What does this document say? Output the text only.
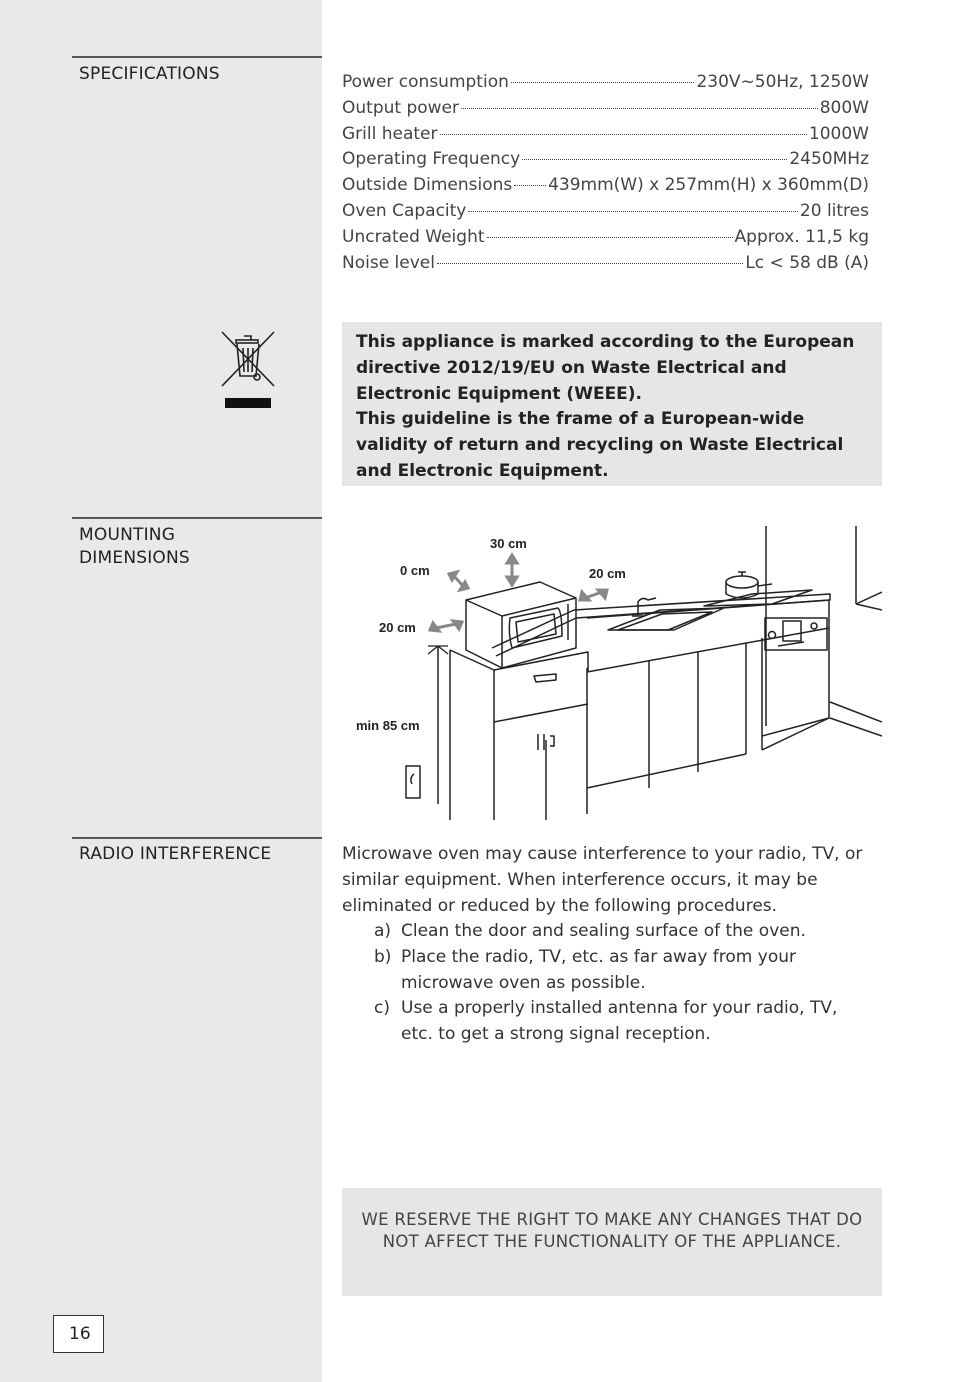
SPECIFICATIONS
MOUNTING
DIMENSIONS
RADIO INTERFERENCE
Power consumption	230V~50Hz, 1250W
Output power	800W
Grill heater	1000W
Operating Frequency	2450MHz
Outside Dimensions 439mm(W) x 257mm(H) x 360mm(D)
Oven Capacity	20 litres
Uncrated Weight	Approx. 11,5 kg
Noise level	Lc < 58 dB (A)
This appliance is marked according to the European
directive 2012/19/EU on Waste Electrical and
Electronic Equipment (WEEE).
This guideline is the frame of a European-wide
validity of return and recycling on Waste Electrical
and Electronic Equipment.
30 cm
0 cm	20 cm
20 cm
min 85 cm

Microwave oven may cause interference to your radio, TV, or similar equipment. When interference occurs, it may be eliminated or reduced by the following procedures.

a) Clean the door and sealing surface of the oven.
b) Place the radio, TV, etc. as far away from your microwave oven as possible.
c) Use a properly installed antenna for your radio, TV, etc. to get a strong signal reception.
WE RESERVE THE RIGHT TO MAKE ANY CHANGES THAT DO NOT AFFECT THE FUNCTIONALITY OF THE APPLIANCE.
16
